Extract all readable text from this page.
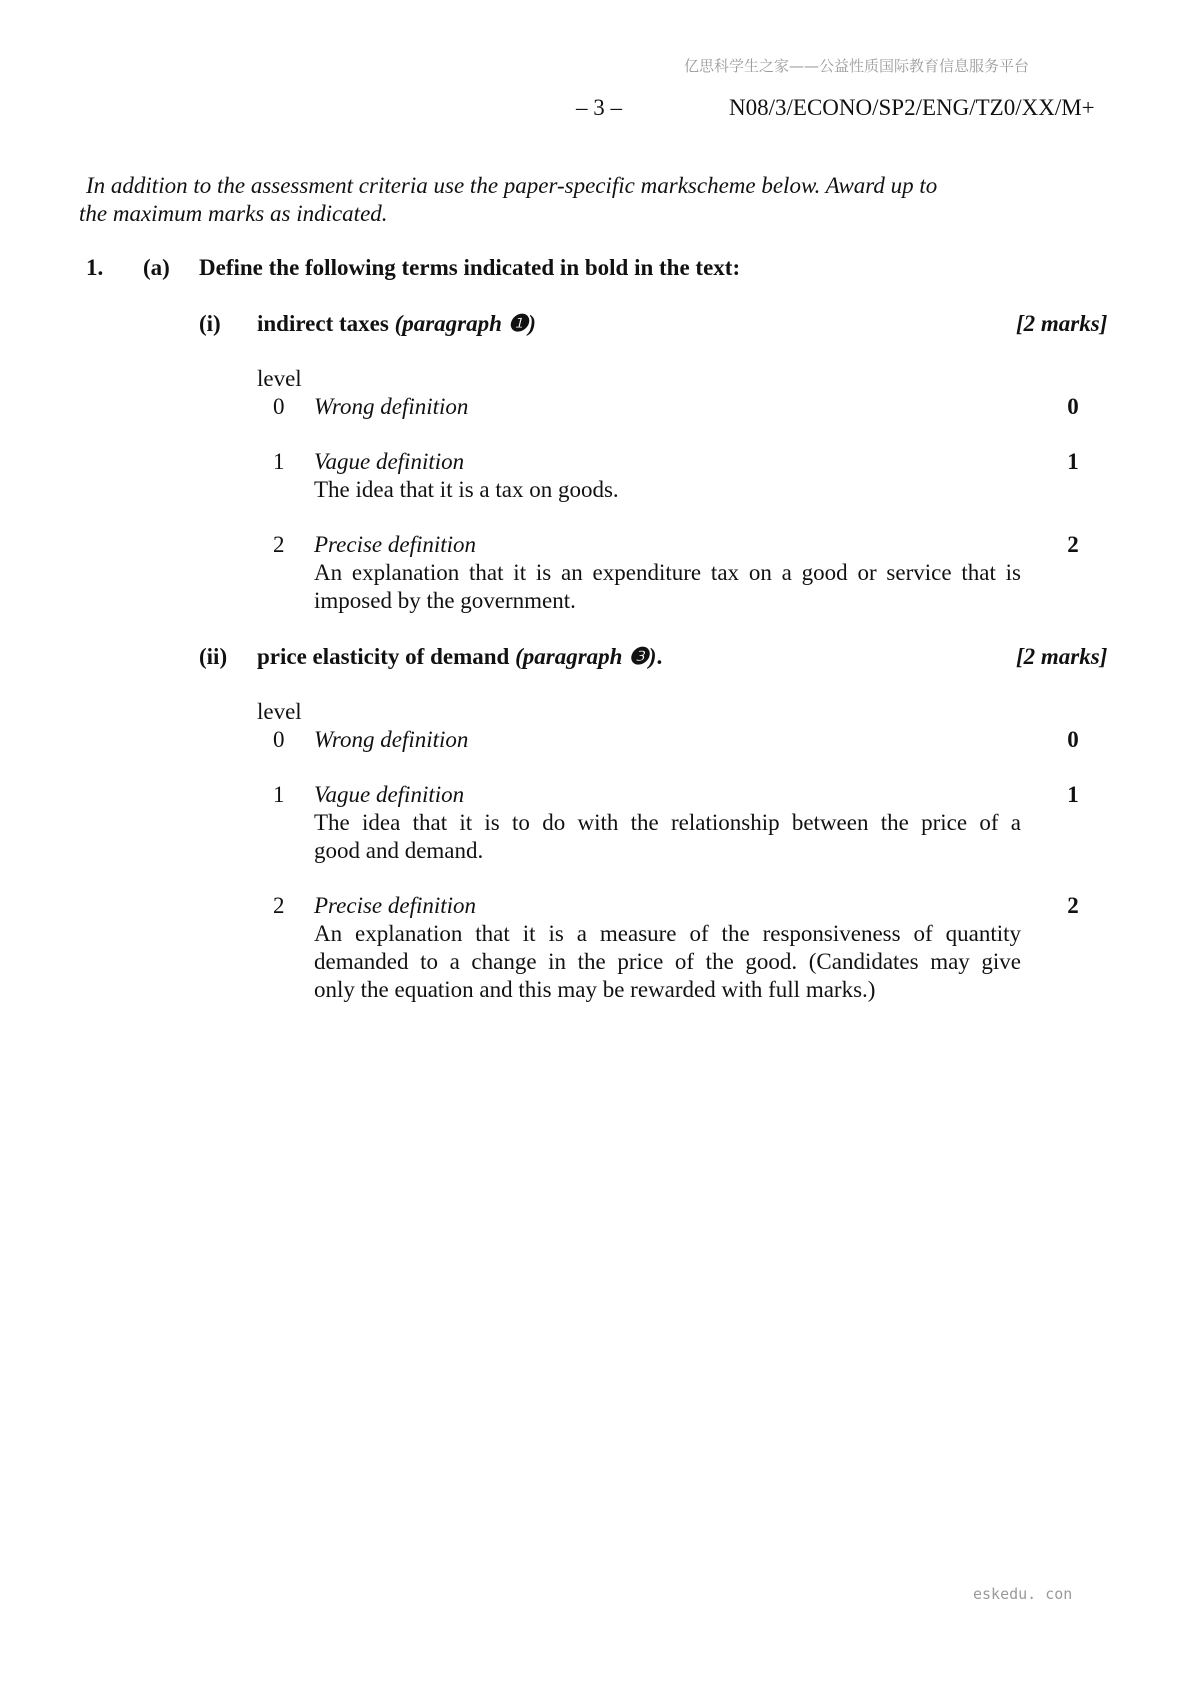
亿思科学生之家——公益性质国际教育信息服务平台
– 3 –	N08/3/ECONO/SP2/ENG/TZ0/XX/M+
In addition to the assessment criteria use the paper-specific markscheme below. Award up to
the maximum marks as indicated.
1. (a) Define the following terms indicated in bold in the text:
(i) indirect taxes (paragraph ❶)	[2 marks]
level
0 Wrong definition	0
1 Vague definition	1
The idea that it is a tax on goods.
2 Precise definition	2
An explanation that it is an expenditure tax on a good or service that is
imposed by the government.
(ii) price elasticity of demand (paragraph ❸).	[2 marks]
level
0 Wrong definition	0
1 Vague definition	1
The idea that it is to do with the relationship between the price of a
good and demand.
2 Precise definition	2
An explanation that it is a measure of the responsiveness of quantity
demanded to a change in the price of the good. (Candidates may give
only the equation and this may be rewarded with full marks.)
eskedu. con
